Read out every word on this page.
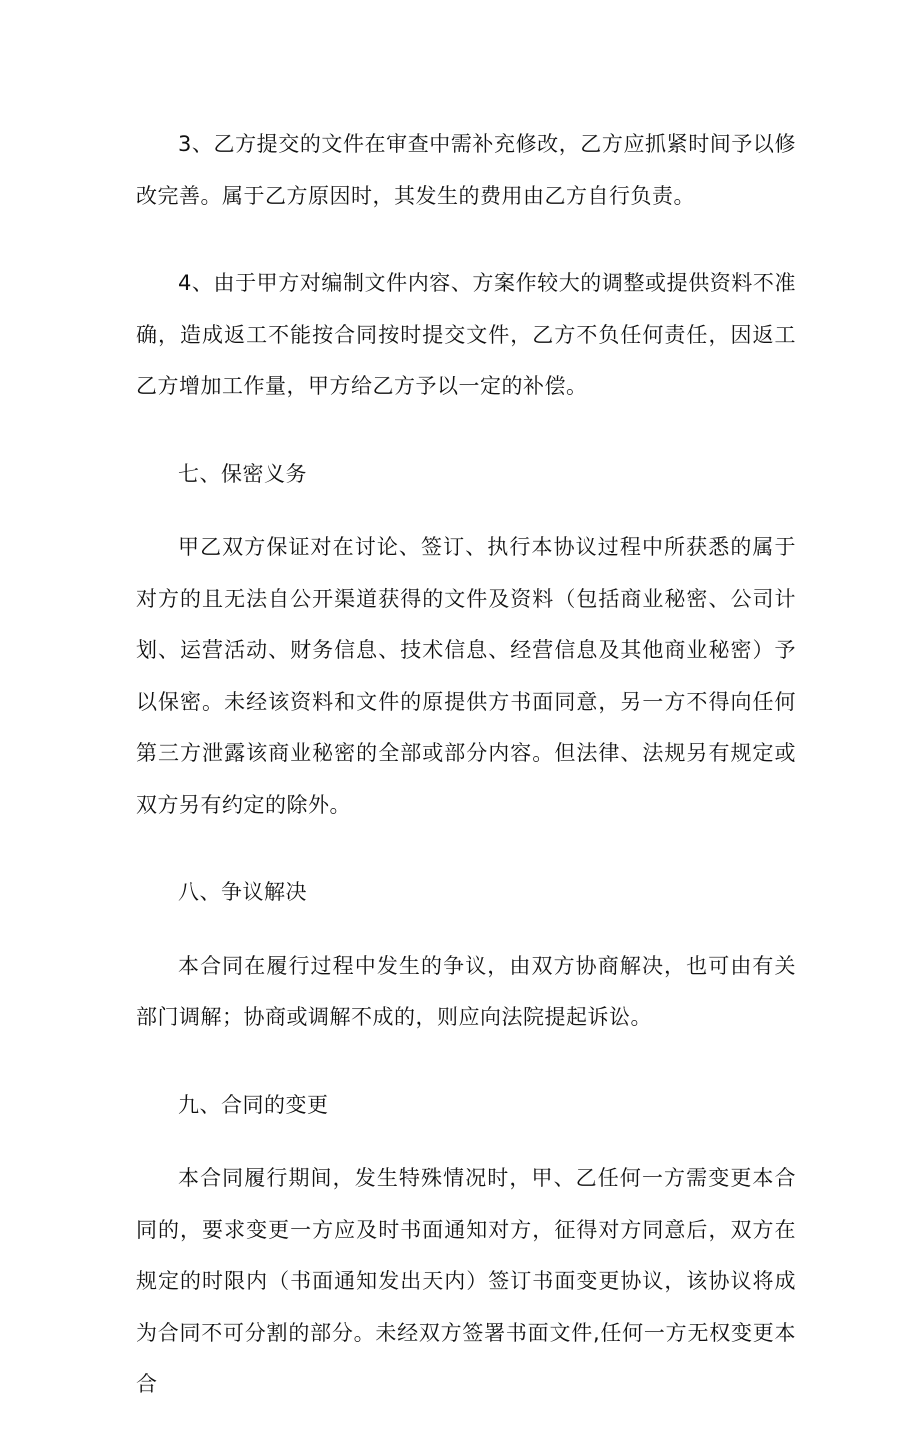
3、乙方提交的文件在审查中需补充修改，乙方应抓紧时间予以修改完善。属于乙方原因时，其发生的费用由乙方自行负责。

4、由于甲方对编制文件内容、方案作较大的调整或提供资料不准确，造成返工不能按合同按时提交文件，乙方不负任何责任，因返工乙方增加工作量，甲方给乙方予以一定的补偿。

七、保密义务

甲乙双方保证对在讨论、签订、执行本协议过程中所获悉的属于对方的且无法自公开渠道获得的文件及资料（包括商业秘密、公司计划、运营活动、财务信息、技术信息、经营信息及其他商业秘密）予以保密。未经该资料和文件的原提供方书面同意，另一方不得向任何第三方泄露该商业秘密的全部或部分内容。但法律、法规另有规定或双方另有约定的除外。

八、争议解决

本合同在履行过程中发生的争议，由双方协商解决，也可由有关部门调解；协商或调解不成的，则应向法院提起诉讼。

九、合同的变更

本合同履行期间，发生特殊情况时，甲、乙任何一方需变更本合同的，要求变更一方应及时书面通知对方，征得对方同意后，双方在规定的时限内（书面通知发出天内）签订书面变更协议，该协议将成为合同不可分割的部分。未经双方签署书面文件,任何一方无权变更本合
